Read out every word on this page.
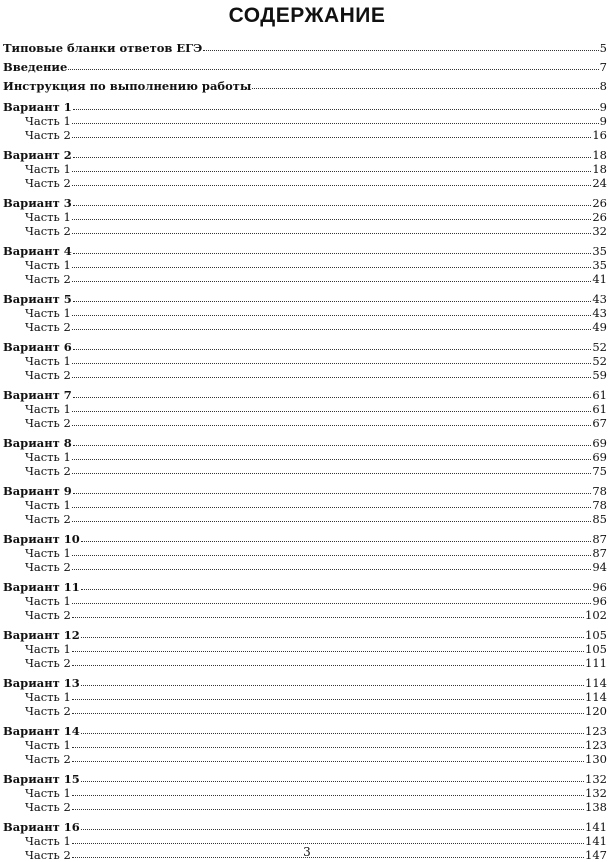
СОДЕРЖАНИЕ
Типовые бланки ответов ЕГЭ	5
Введение	7
Инструкция по выполнению работы	8
Вариант 1	9
Часть 1	9
Часть 2	16
Вариант 2	18
Часть 1	18
Часть 2	24
Вариант 3	26
Часть 1	26
Часть 2	32
Вариант 4	35
Часть 1	35
Часть 2	41
Вариант 5	43
Часть 1	43
Часть 2	49
Вариант 6	52
Часть 1	52
Часть 2	59
Вариант 7	61
Часть 1	61
Часть 2	67
Вариант 8	69
Часть 1	69
Часть 2	75
Вариант 9	78
Часть 1	78
Часть 2	85
Вариант 10	87
Часть 1	87
Часть 2	94
Вариант 11	96
Часть 1	96
Часть 2	102
Вариант 12	105
Часть 1	105
Часть 2	111
Вариант 13	114
Часть 1	114
Часть 2	120
Вариант 14	123
Часть 1	123
Часть 2	130
Вариант 15	132
Часть 1	132
Часть 2	138
Вариант 16	141
Часть 1	141
Часть 2	147
3
